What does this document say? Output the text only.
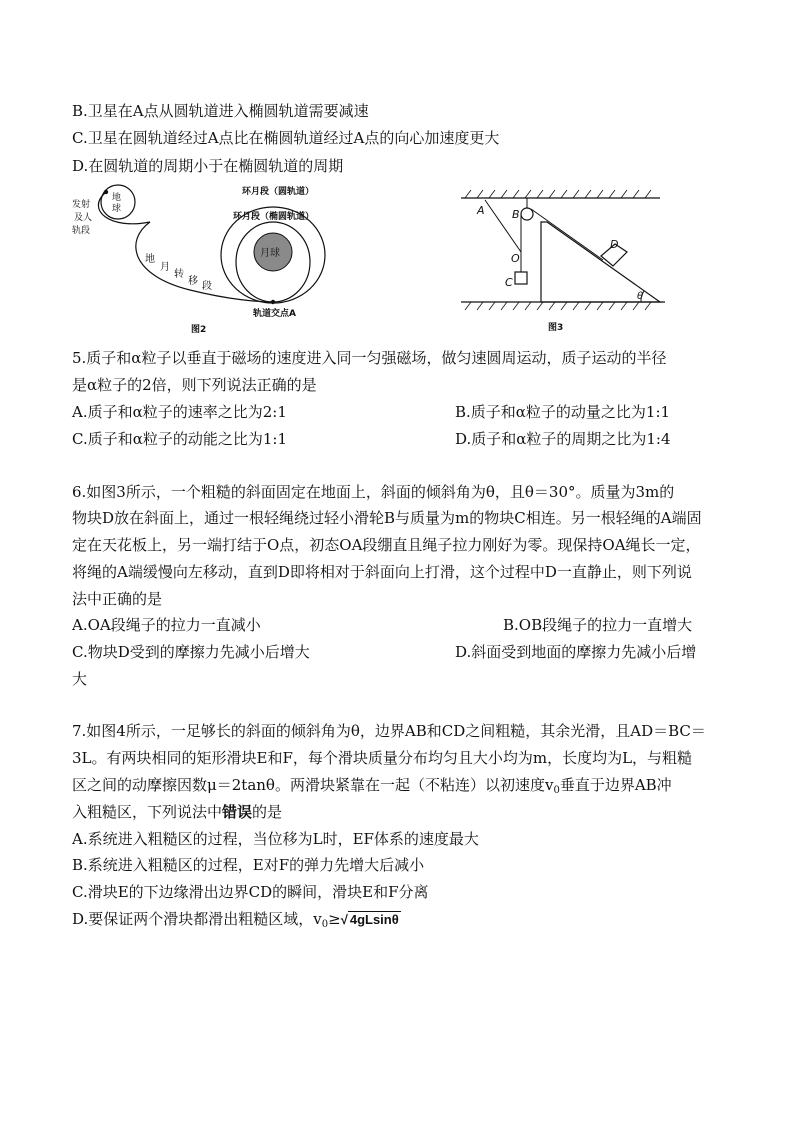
B.卫星在A点从圆轨道进入椭圆轨道需要减速
C.卫星在圆轨道经过A点比在椭圆轨道经过A点的向心加速度更大
D.在圆轨道的周期小于在椭圆轨道的周期
地
球
发射
及人
轨段
地
月
转
移 段
月球
环月段（圆轨道）
环月段（椭圆轨道）
轨道交点A
图2
A B
O
C
D
θ
图3
5.质子和α粒子以垂直于磁场的速度进入同一匀强磁场，做匀速圆周运动，质子运动的半径
是α粒子的2倍，则下列说法正确的是
A.质子和α粒子的速率之比为2:1	B.质子和α粒子的动量之比为1:1
C.质子和α粒子的动能之比为1:1	D.质子和α粒子的周期之比为1:4
6.如图3所示，一个粗糙的斜面固定在地面上，斜面的倾斜角为θ，且θ＝30°。质量为3m的
物块D放在斜面上，通过一根轻绳绕过轻小滑轮B与质量为m的物块C相连。另一根轻绳的A端固
定在天花板上，另一端打结于O点，初态OA段绷直且绳子拉力刚好为零。现保持OA绳长一定，
将绳的A端缓慢向左移动，直到D即将相对于斜面向上打滑，这个过程中D一直静止，则下列说
法中正确的是
A.OA段绳子的拉力一直减小	B.OB段绳子的拉力一直增大
C.物块D受到的摩擦力先减小后增大	D.斜面受到地面的摩擦力先减小后增
大
7.如图4所示，一足够长的斜面的倾斜角为θ，边界AB和CD之间粗糙，其余光滑，且AD＝BC＝
3L。有两块相同的矩形滑块E和F，每个滑块质量分布均匀且大小均为m，长度均为L，与粗糙
区之间的动摩擦因数μ＝2tanθ。两滑块紧靠在一起（不粘连）以初速度$v_0$垂直于边界AB冲
入粗糙区，下列说法中错误的是
A.系统进入粗糙区的过程，当位移为L时，EF体系的速度最大
B.系统进入粗糙区的过程，E对F的弹力先增大后减小
C.滑块E的下边缘滑出边界CD的瞬间，滑块E和F分离
D.要保证两个滑块都滑出粗糙区域，$v_0\ge√$ 4gLsinθ
